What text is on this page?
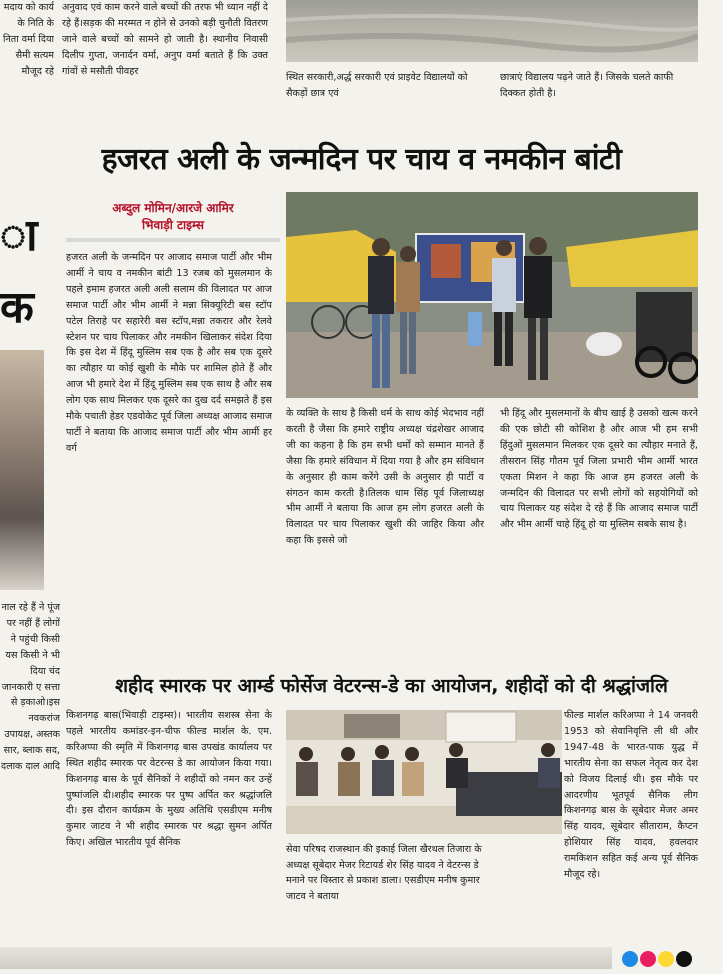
अनुवाद एवं काम करने वाले बच्चों की तरफ भी ध्यान नहीं दे रहे हैं।सड़क की मरम्मत न होने से उनको बड़ी चुनौती वितरण जाने वाले बच्चों को सामने हो जाती है। स्थानीय निवासी दिलीप गुप्ता, जनार्दन वर्मा, अनुप वर्मा बताते हैं कि उक्त गांवों से मसौती पीवहर
मदाय को कार्य के निति के निता वर्मा दिया सैमी सत्यम मौजूद रहे
स्थित सरकारी,अर्द्ध सरकारी एवं प्राइवेट विद्यालयों को सैकड़ों छात्र एवं
छात्राएं विद्यालय पढ़ने जाते हैं। जिसके चलते काफी दिक्कत होती है।
हजरत अली के जन्मदिन पर चाय व नमकीन बांटी
अब्दुल मोमिन/आरजे आमिर
भिवाड़ी टाइम्स
ा
क
नाल रहे हैं ने पूंज पर नहीं हैं लोगों ने पहुंची किसी यस किसी ने भी दिया चंद जानकारी ए सत्ता से ड़काओ।इस नवकरांज उपायक्ष, अस्तक सार, ब्लाक सद, दलाक दाल आदि
हजरत अली के जन्मदिन पर आजाद समाज पार्टी और भीम आर्मी ने चाय व नमकीन बांटी 13 रजब को मुसलमान के पहले इमाम हजरत अली अली सलाम की विलादत पर आज समाज पार्टी और भीम आर्मी ने मन्ना सिक्यूरिटी बस स्टॉप पटेल तिराहे पर सहारेरी बस स्टॉप,मन्ना तकरार और रेलवे स्टेशन पर चाय पिलाकर और नमकीन खिलाकर संदेश दिया कि इस देश में हिंदू मुस्लिम सब एक है और सब एक दूसरे का त्यौहार या कोई खुशी के मौके पर शामिल होते हैं और आज भी हमारे देश में हिंदू मुस्लिम सब एक साथ है और सब लोग एक साथ मिलकर एक दूसरे का दुख दर्द समझते हैं इस मौके पचाती हेडर एडवोकेट पूर्व जिला अध्यक्ष आजाद समाज पार्टी ने बताया कि आजाद समाज पार्टी और भीम आर्मी हर वर्ग
के व्यक्ति के साथ है किसी धर्म के साथ कोई भेदभाव नहीं करती है जैसा कि हमारे राष्ट्रीय अध्यक्ष चंद्रशेखर आजाद जी का कहना है कि हम सभी धर्मों को सम्मान मानते हैं जैसा कि हमारे संविधान में दिया गया है और हम संविधान के अनुसार ही काम करेंगे उसी के अनुसार ही पार्टी व संगठन काम करती है।तिलक धाम सिंह पूर्व जिलाध्यक्ष भीम आर्मी ने बताया कि आज हम लोग हजरत अली के विलादत पर चाय पिलाकर खुशी की जाहिर किया और कहा कि इससे जो
भी हिंदू और मुसलमानों के बीच खाई है उसको खत्म करने की एक छोटी सी कोशिश है और आज भी हम सभी हिंदुओं मुसलमान मिलकर एक दूसरे का त्यौहार मनाते हैं, तीसरान सिंह गौतम पूर्व जिला प्रभारी भीम आर्मी भारत एकता मिशन ने कहा कि आज हम हजरत अली के जन्मदिन की विलादत पर सभी लोगों को सहयोगियों को चाय पिलाकर यह संदेश दे रहे हैं कि आजाद समाज पार्टी और भीम आर्मी चाहे हिंदू हो या मुस्लिम सबके साथ है।
शहीद स्मारक पर आर्म्ड फोर्सेज वेटरन्स-डे का आयोजन, शहीदों को दी श्रद्धांजलि
किशनगढ़ बास(भिवाड़ी टाइम्स)। भारतीय सशस्त्र सेना के पहले भारतीय कमांडर-इन-चीफ फील्ड मार्शल के. एम. करिअप्पा की स्मृति में किशनगढ़ बास उपखंड कार्यालय पर स्थित शहीद स्मारक पर वेटरन्स डे का आयोजन किया गया। किशनगढ़ बास के पूर्व सैनिकों ने शहीदों को नमन कर उन्हें पुष्पांजलि दी।शहीद स्मारक पर पुष्प अर्पित कर श्रद्धांजलि दी। इस दौरान कार्यक्रम के मुख्य अतिथि एसडीएम मनीष कुमार जाटव ने भी शहीद स्मारक पर श्रद्धा सुमन अर्पित किए। अखिल भारतीय पूर्व सैनिक
सेवा परिषद राजस्थान की इकाई जिला खैरथल तिजारा के अध्यक्ष सूबेदार मेजर रिटायर्ड शेर सिंह यादव ने वेटरन्स डे मनाने पर विस्तार से प्रकाश डाला। एसडीएम मनीष कुमार जाटव ने बताया
फील्ड मार्शल करिअप्पा ने 14 जनवरी 1953 को सेवानिवृत्ति ली थी और 1947-48 के भारत-पाक युद्ध में भारतीय सेना का सफल नेतृत्व कर देश को विजय दिलाई थी। इस मौके पर आदरणीय भूतपूर्व सैनिक लीग किशनगढ़ बास के सूबेदार मेजर अमर सिंह यादव, सूबेदार सीताराम, कैप्टन होशियार सिंह यादव, हवलदार रामकिशन सहित कई अन्य पूर्व सैनिक मौजूद रहे।
